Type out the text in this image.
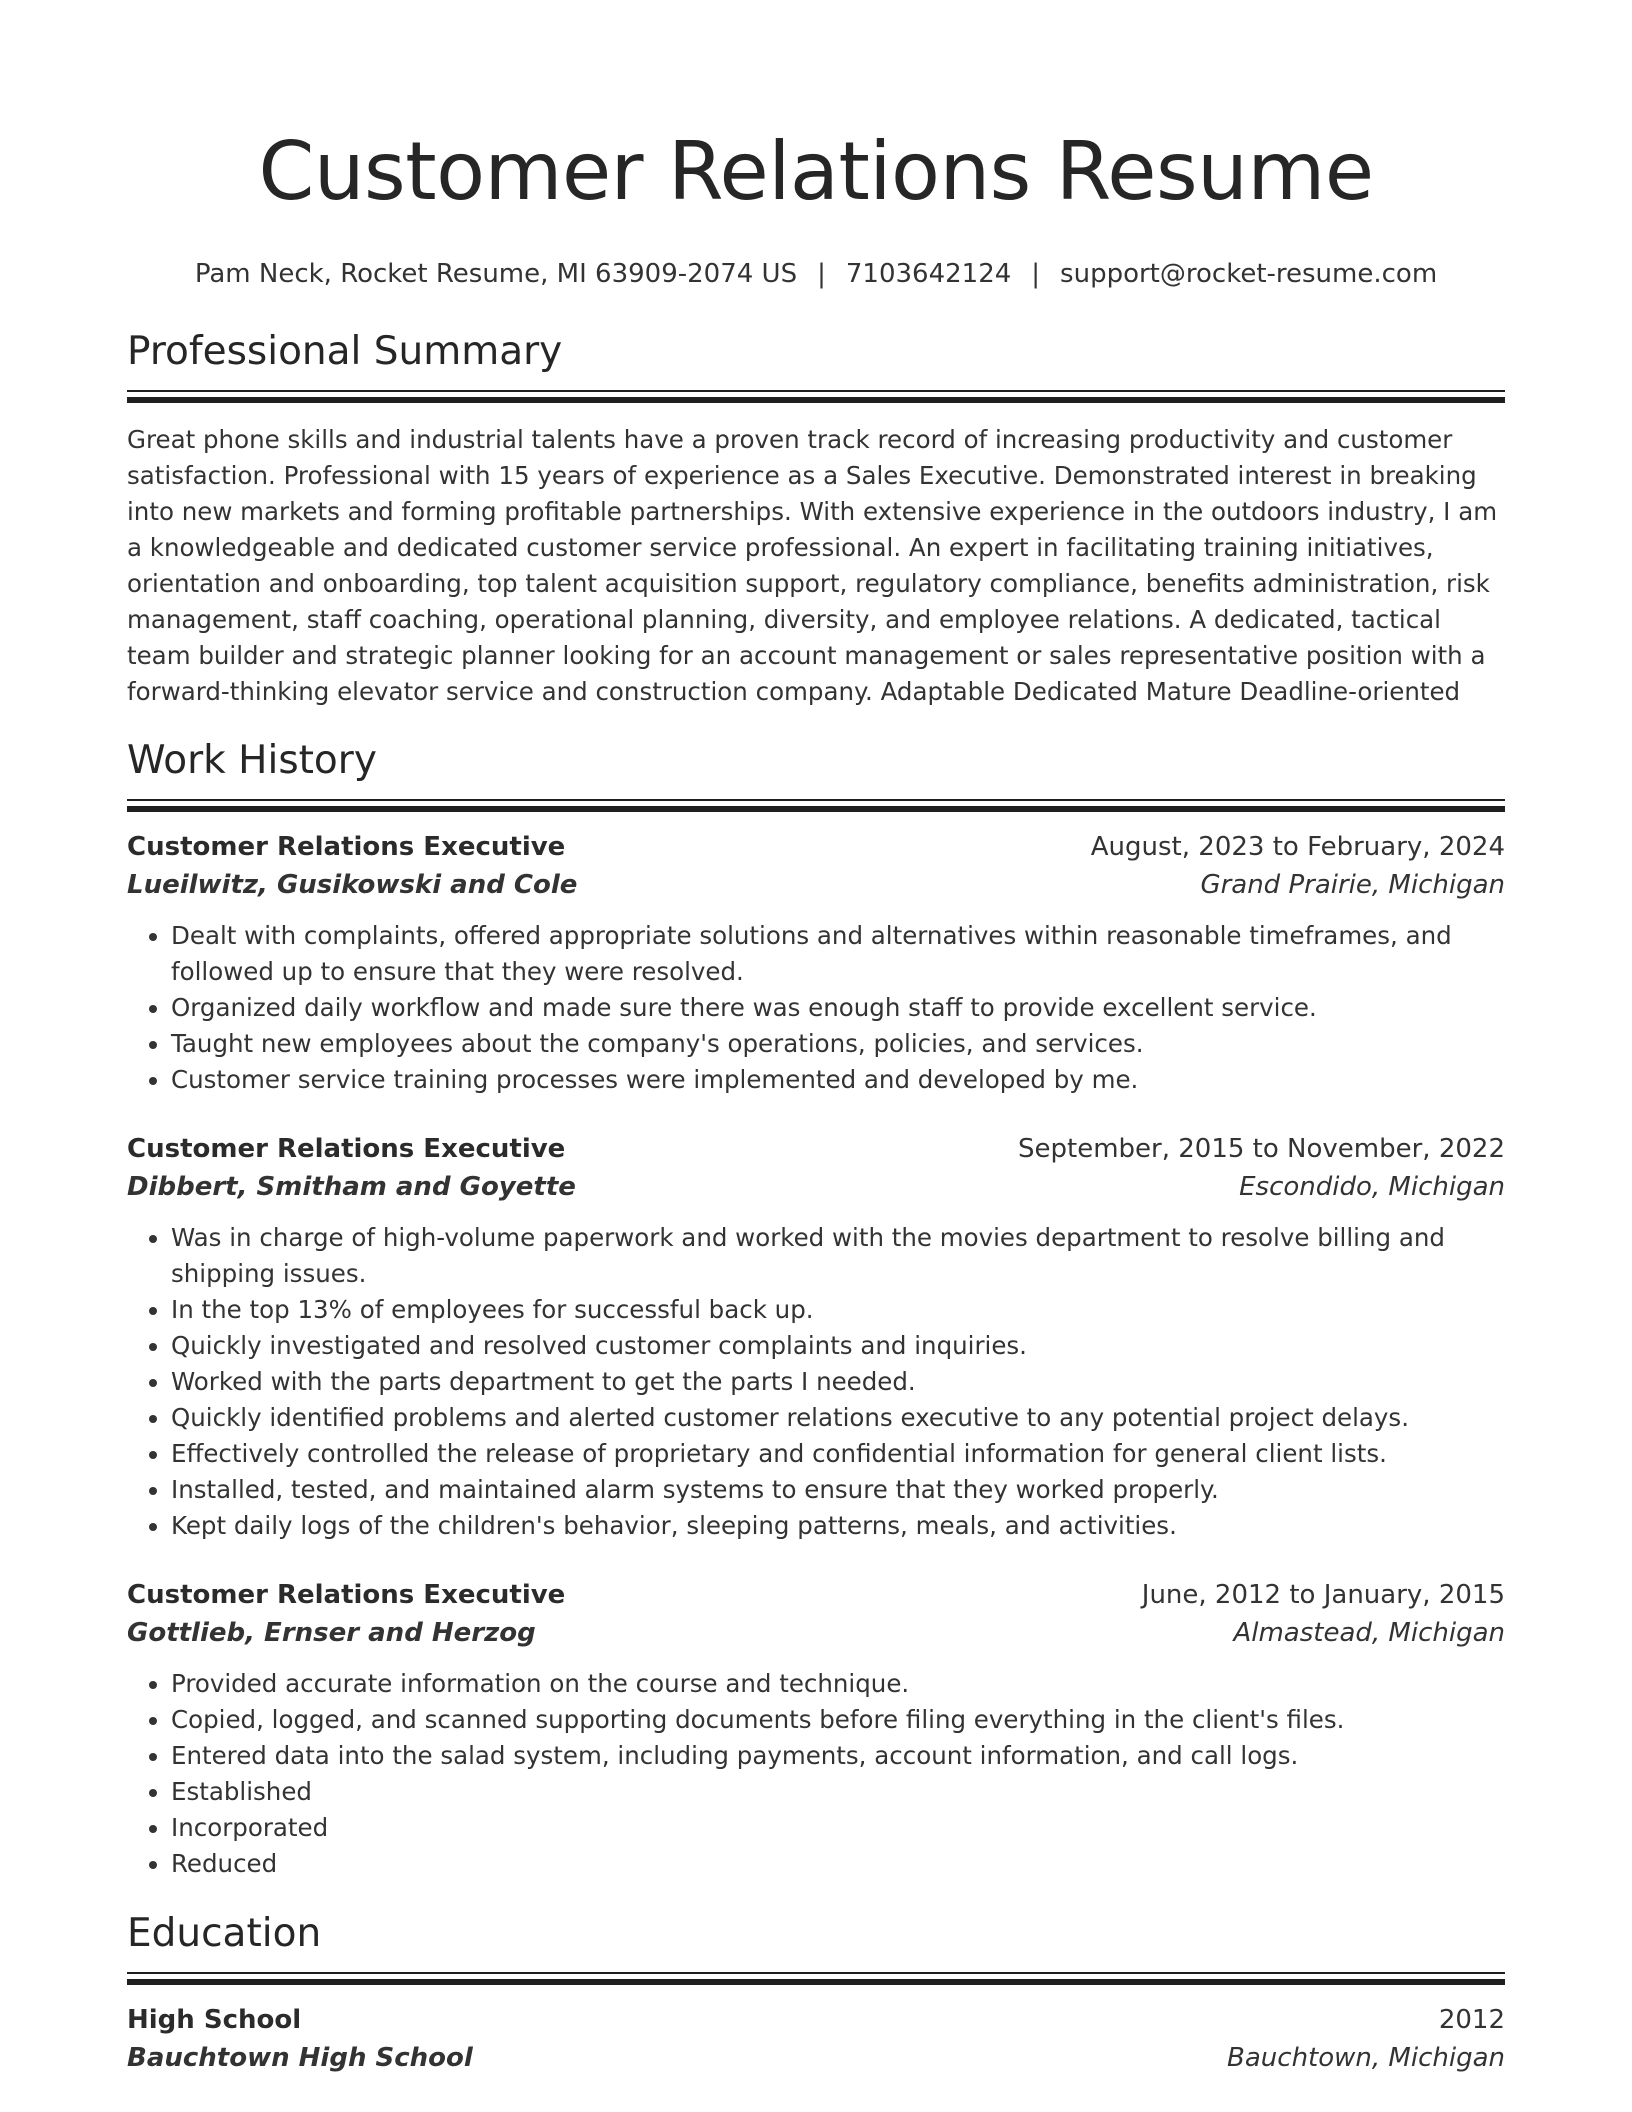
Customer Relations Resume
Pam Neck, Rocket Resume, MI 63909-2074 US | 7103642124 | support@rocket-resume.com
Professional Summary

Great phone skills and industrial talents have a proven track record of increasing productivity and customer satisfaction. Professional with 15 years of experience as a Sales Executive. Demonstrated interest in breaking into new markets and forming profitable partnerships. With extensive experience in the outdoors industry, I am a knowledgeable and dedicated customer service professional. An expert in facilitating training initiatives, orientation and onboarding, top talent acquisition support, regulatory compliance, benefits administration, risk management, staff coaching, operational planning, diversity, and employee relations. A dedicated, tactical team builder and strategic planner looking for an account management or sales representative position with a forward-thinking elevator service and construction company. Adaptable Dedicated Mature Deadline-oriented

Work History
Customer Relations Executive	August, 2023 to February, 2024
Lueilwitz, Gusikowski and Cole	Grand Prairie, Michigan
• Dealt with complaints, offered appropriate solutions and alternatives within reasonable timeframes, and followed up to ensure that they were resolved.
• Organized daily workflow and made sure there was enough staff to provide excellent service.
• Taught new employees about the company's operations, policies, and services.
• Customer service training processes were implemented and developed by me.
Customer Relations Executive	September, 2015 to November, 2022
Dibbert, Smitham and Goyette	Escondido, Michigan
• Was in charge of high-volume paperwork and worked with the movies department to resolve billing and shipping issues.
• In the top 13% of employees for successful back up.
• Quickly investigated and resolved customer complaints and inquiries.
• Worked with the parts department to get the parts I needed.
• Quickly identified problems and alerted customer relations executive to any potential project delays.
• Effectively controlled the release of proprietary and confidential information for general client lists.
• Installed, tested, and maintained alarm systems to ensure that they worked properly.
• Kept daily logs of the children's behavior, sleeping patterns, meals, and activities.
Customer Relations Executive	June, 2012 to January, 2015
Gottlieb, Ernser and Herzog	Almastead, Michigan
• Provided accurate information on the course and technique.
• Copied, logged, and scanned supporting documents before filing everything in the client's files.
• Entered data into the salad system, including payments, account information, and call logs.
• Established
• Incorporated
• Reduced
Education
High School	2012
Bauchtown High School	Bauchtown, Michigan
